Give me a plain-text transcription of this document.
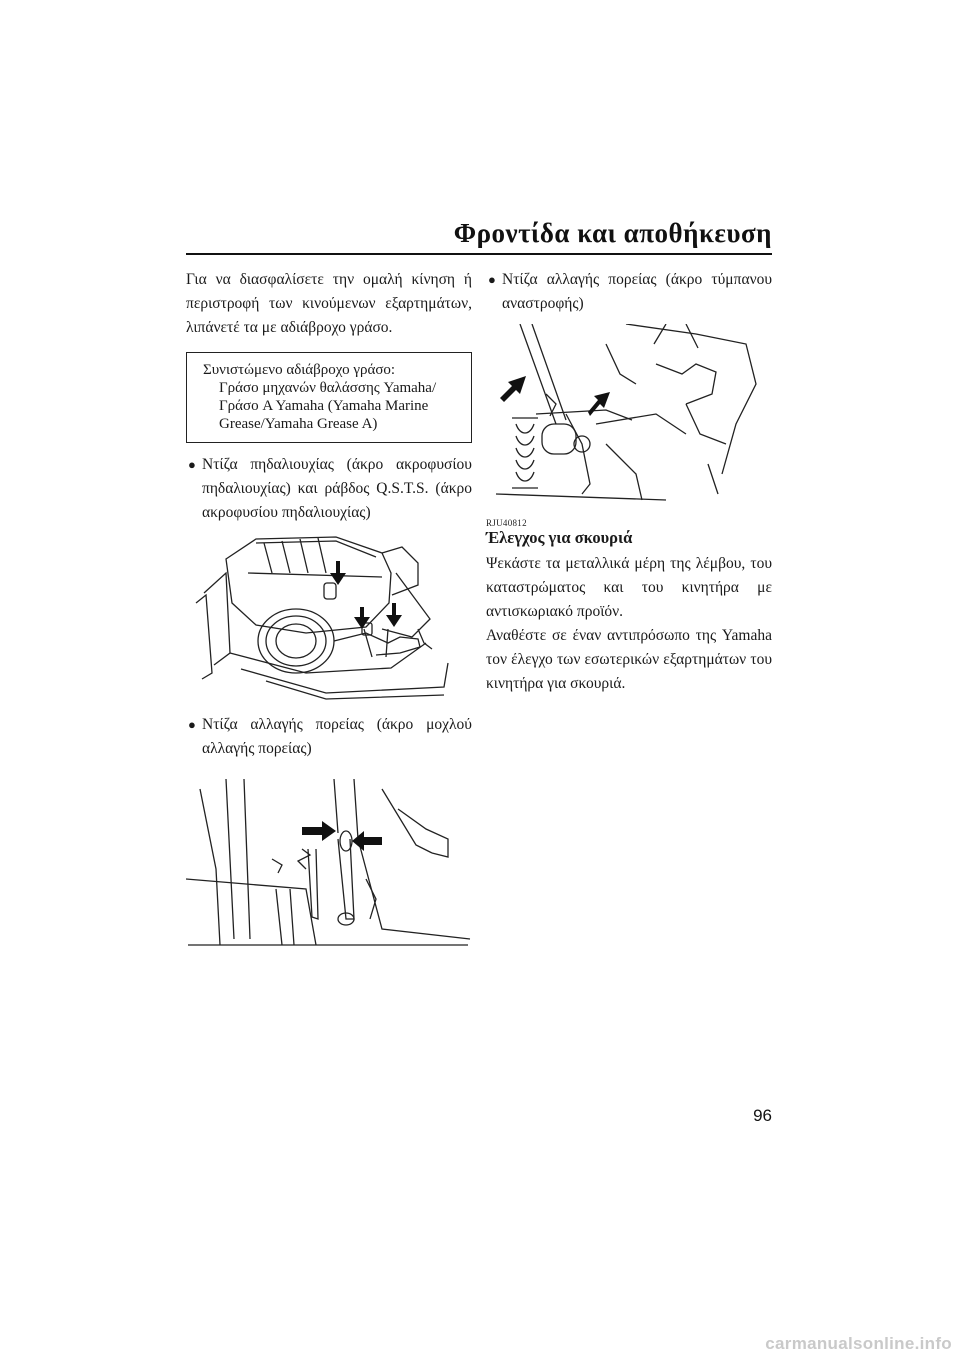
Φροντίδα και αποθήκευση

Για να διασφαλίσετε την ομαλή κίνηση ή περιστροφή των κινούμενων εξαρτημάτων, λιπάνετέ τα με αδιάβροχο γράσο.

Συνιστώμενο αδιάβροχο γράσο:
Γράσο μηχανών θαλάσσης Yamaha/Γράσο A Yamaha (Yamaha Marine Grease/Yamaha Grease A)
● Ντίζα πηδαλιουχίας (άκρο ακροφυσίου πηδαλιουχίας) και ράβδος Q.S.T.S. (άκρο ακροφυσίου πηδαλιουχίας)
● Ντίζα αλλαγής πορείας (άκρο μοχλού αλλαγής πορείας)
● Ντίζα αλλαγής πορείας (άκρο τύμπανου αναστροφής)
RJU40812
Έλεγχος για σκουριά

Ψεκάστε τα μεταλλικά μέρη της λέμβου, του καταστρώματος και του κινητήρα με αντισκωριακό προϊόν.

Αναθέστε σε έναν αντιπρόσωπο της Yamaha τον έλεγχο των εσωτερικών εξαρτημάτων του κινητήρα για σκουριά.

96
carmanualsonline.info
